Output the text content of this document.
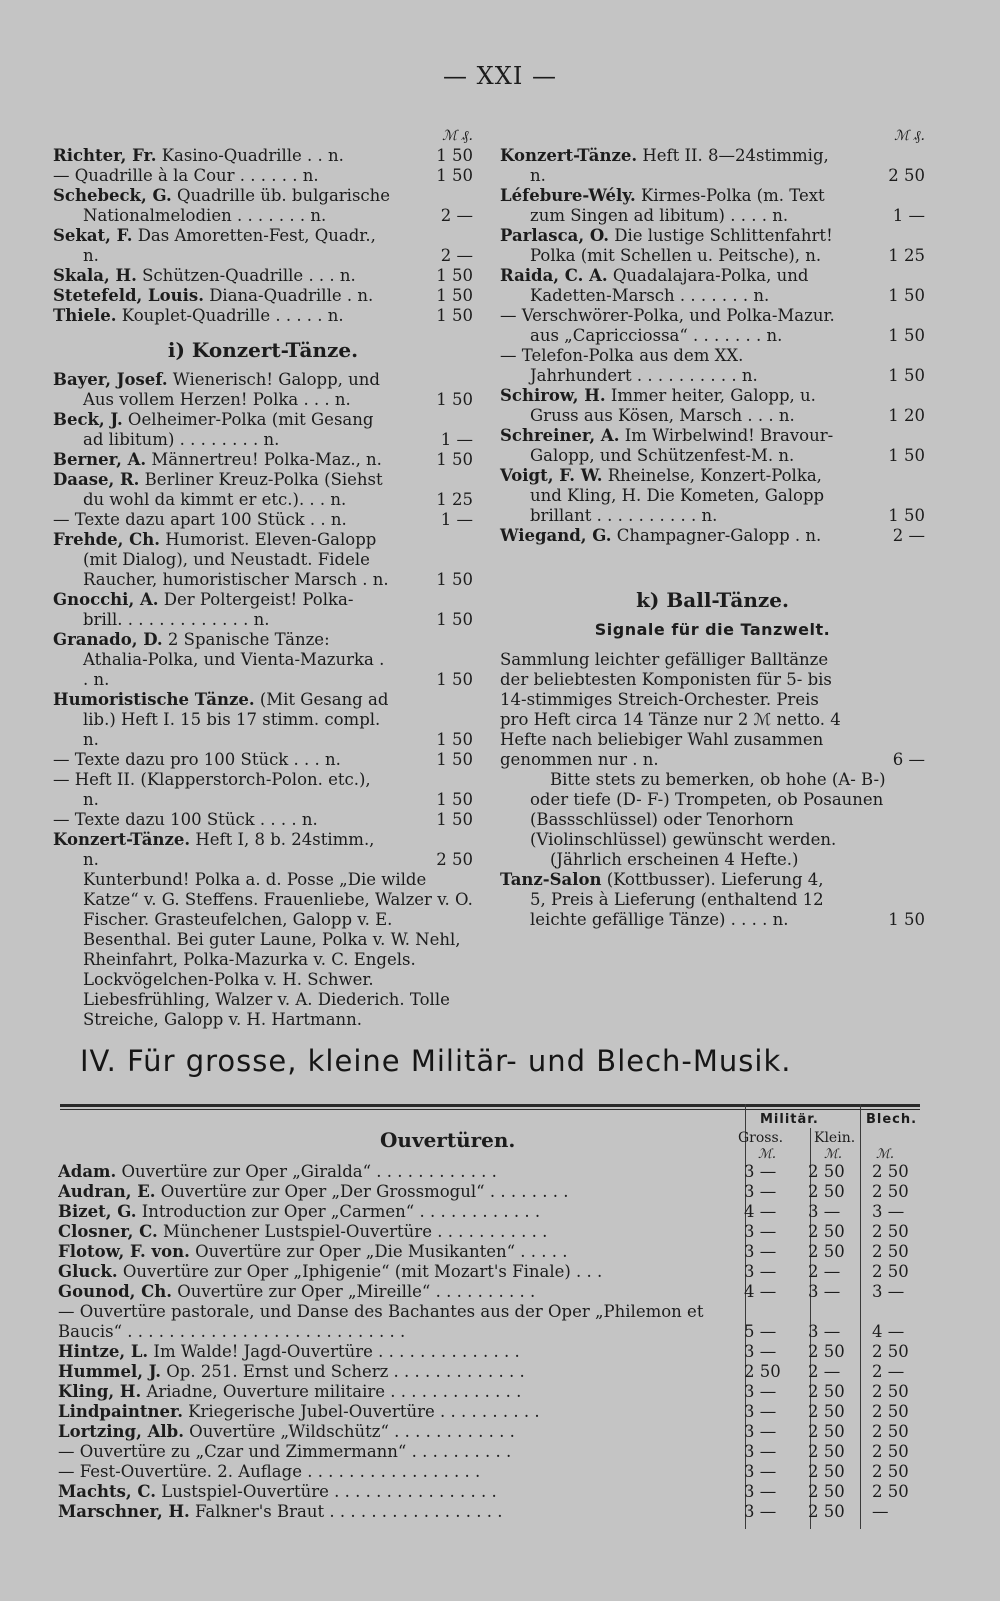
— XXI —
ℳ ₰.
Richter, Fr. Kasino-Quadrille . . n.	1 50
— Quadrille à la Cour . . . . . . n.	1 50
Schebeck, G. Quadrille üb. bulgarische Nationalmelodien . . . . . . . n.	2 —
Sekat, F. Das Amoretten-Fest, Quadr., n.	2 —
Skala, H. Schützen-Quadrille . . . n.	1 50
Stetefeld, Louis. Diana-Quadrille . n.	1 50
Thiele. Kouplet-Quadrille . . . . . n.	1 50
i) Konzert-Tänze.
Bayer, Josef. Wienerisch! Galopp, und Aus vollem Herzen! Polka . . . n.	1 50
Beck, J. Oelheimer-Polka (mit Gesang ad libitum) . . . . . . . . n.	1 —
Berner, A. Männertreu! Polka-Maz., n.	1 50
Daase, R. Berliner Kreuz-Polka (Siehst du wohl da kimmt er etc.). . . n.	1 25
— Texte dazu apart 100 Stück . . n.	1 —
Frehde, Ch. Humorist. Eleven-Galopp (mit Dialog), und Neustadt. Fidele Raucher, humoristischer Marsch . n.	1 50
Gnocchi, A. Der Poltergeist! Polka-brill. . . . . . . . . . . . . n.	1 50
Granado, D. 2 Spanische Tänze: Athalia-Polka, und Vienta-Mazurka . . n.	1 50
Humoristische Tänze. (Mit Gesang ad lib.) Heft I. 15 bis 17 stimm. compl. n.	1 50
— Texte dazu pro 100 Stück . . . n.	1 50
— Heft II. (Klapperstorch-Polon. etc.), n.	1 50
— Texte dazu 100 Stück . . . . n.	1 50
Konzert-Tänze. Heft I, 8 b. 24stimm., n.	2 50
Kunterbund! Polka a. d. Posse „Die wilde Katze“ v. G. Steffens. Frauenliebe, Walzer v. O. Fischer. Grasteufelchen, Galopp v. E. Besenthal. Bei guter Laune, Polka v. W. Nehl, Rheinfahrt, Polka-Mazurka v. C. Engels. Lockvögelchen-Polka v. H. Schwer. Liebesfrühling, Walzer v. A. Diederich. Tolle Streiche, Galopp v. H. Hartmann.
ℳ ₰.
Konzert-Tänze. Heft II. 8—24stimmig, n.	2 50
Léfebure-Wély. Kirmes-Polka (m. Text zum Singen ad libitum) . . . . n.	1 —
Parlasca, O. Die lustige Schlittenfahrt! Polka (mit Schellen u. Peitsche), n.	1 25
Raida, C. A. Quadalajara-Polka, und Kadetten-Marsch . . . . . . . n.	1 50
— Verschwörer-Polka, und Polka-Mazur. aus „Capricciossa“ . . . . . . . n.	1 50
— Telefon-Polka aus dem XX. Jahrhundert . . . . . . . . . . n.	1 50
Schirow, H. Immer heiter, Galopp, u. Gruss aus Kösen, Marsch . . . n.	1 20
Schreiner, A. Im Wirbelwind! Bravour-Galopp, und Schützenfest-M. n.	1 50
Voigt, F. W. Rheinelse, Konzert-Polka, und Kling, H. Die Kometen, Galopp brillant . . . . . . . . . . n.	1 50
Wiegand, G. Champagner-Galopp . n.	2 —
k) Ball-Tänze.
Signale für die Tanzwelt.
Sammlung leichter gefälliger Balltänze der beliebtesten Komponisten für 5- bis 14-stimmiges Streich-Orchester. Preis pro Heft circa 14 Tänze nur 2 ℳ netto. 4 Hefte nach beliebiger Wahl zusammen genommen nur . n.	6 —
Bitte stets zu bemerken, ob hohe (A- B-) oder tiefe (D- F-) Trompeten, ob Posaunen (Bassschlüssel) oder Tenorhorn (Violinschlüssel) gewünscht werden.
(Jährlich erscheinen 4 Hefte.)
Tanz-Salon (Kottbusser). Lieferung 4, 5, Preis à Lieferung (enthaltend 12 leichte gefällige Tänze) . . . . n.	1 50
IV. Für grosse, kleine Militär- und Blech-Musik.
Ouvertüren.
Militär.	Blech.
Gross. Klein.
ℳ.	ℳ.	ℳ.
Adam. Ouvertüre zur Oper „Giralda“ . . . . . . . . . . . .	3 —	2 50	2 50
Audran, E. Ouvertüre zur Oper „Der Grossmogul“ . . . . . . . .	3 —	2 50	2 50
Bizet, G. Introduction zur Oper „Carmen“ . . . . . . . . . . . .	4 —	3 —	3 —
Closner, C. Münchener Lustspiel-Ouvertüre . . . . . . . . . . .	3 —	2 50	2 50
Flotow, F. von. Ouvertüre zur Oper „Die Musikanten“ . . . . .	3 —	2 50	2 50
Gluck. Ouvertüre zur Oper „Iphigenie“ (mit Mozart's Finale) . . .	3 —	2 —	2 50
Gounod, Ch. Ouvertüre zur Oper „Mireille“ . . . . . . . . . .	4 —	3 —	3 —
— Ouvertüre pastorale, und Danse des Bachantes aus der Oper „Philemon et Baucis“ . . . . . . . . . . . . . . . . . . . . . . . . . . .	5 —	3 —	4 —
Hintze, L. Im Walde! Jagd-Ouvertüre . . . . . . . . . . . . . .	3 —	2 50	2 50
Hummel, J. Op. 251. Ernst und Scherz . . . . . . . . . . . . .	2 50	2 —	2 —
Kling, H. Ariadne, Ouverture militaire . . . . . . . . . . . . .	3 —	2 50	2 50
Lindpaintner. Kriegerische Jubel-Ouvertüre . . . . . . . . . .	3 —	2 50	2 50
Lortzing, Alb. Ouvertüre „Wildschütz“ . . . . . . . . . . . .	3 —	2 50	2 50
— Ouvertüre zu „Czar und Zimmermann“ . . . . . . . . . .	3 —	2 50	2 50
— Fest-Ouvertüre. 2. Auflage . . . . . . . . . . . . . . . . .	3 —	2 50	2 50
Machts, C. Lustspiel-Ouvertüre . . . . . . . . . . . . . . . .	3 —	2 50	2 50
Marschner, H. Falkner's Braut . . . . . . . . . . . . . . . . .	3 —	2 50	—
